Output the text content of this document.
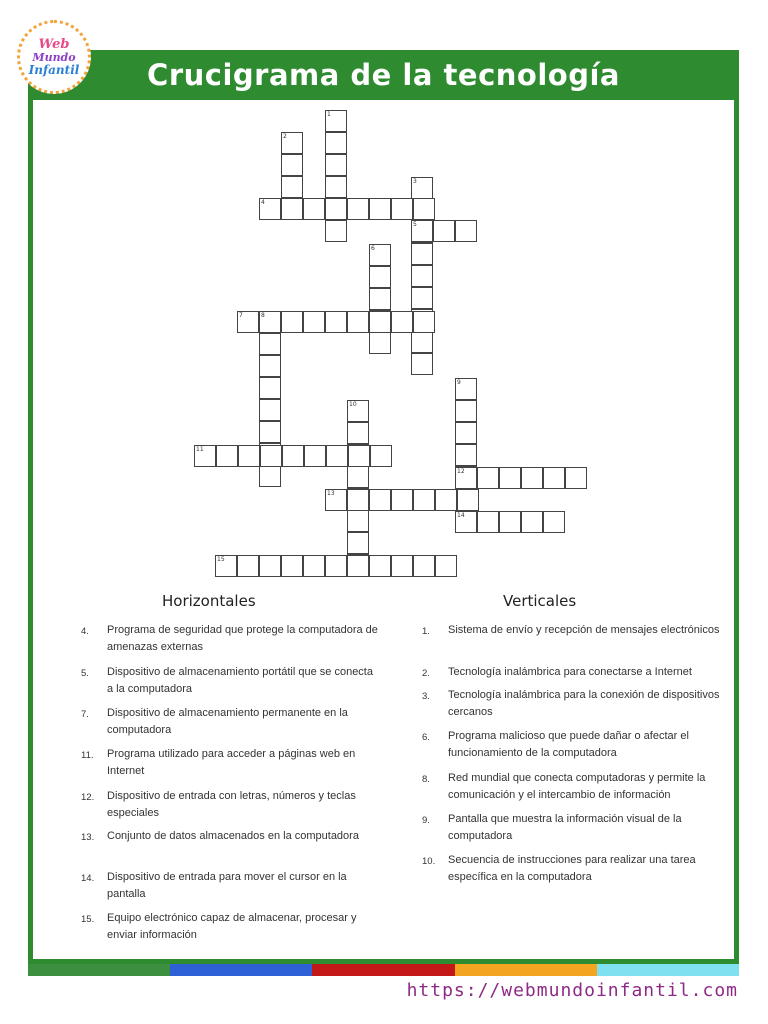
Web
Mundo
Infantil	Crucigrama de la tecnología
1
2
3
4
5
6
7	8
9
10
11
12
13
14
15
Horizontales	Verticales
4.	Programa de seguridad que protege la computadora de amenazas externas
5.	Dispositivo de almacenamiento portátil que se conecta a la computadora
7.	Dispositivo de almacenamiento permanente en la computadora
11.	Programa utilizado para acceder a páginas web en Internet
12.	Dispositivo de entrada con letras, números y teclas especiales
13.	Conjunto de datos almacenados en la computadora
14.	Dispositivo de entrada para mover el cursor en la pantalla
15.	Equipo electrónico capaz de almacenar, procesar y enviar información
1.	Sistema de envío y recepción de mensajes electrónicos
2.	Tecnología inalámbrica para conectarse a Internet
3.	Tecnología inalámbrica para la conexión de dispositivos cercanos
6.	Programa malicioso que puede dañar o afectar el funcionamiento de la computadora
8.	Red mundial que conecta computadoras y permite la comunicación y el intercambio de información
9.	Pantalla que muestra la información visual de la computadora
10.	Secuencia de instrucciones para realizar una tarea específica en la computadora
https://webmundoinfantil.com
